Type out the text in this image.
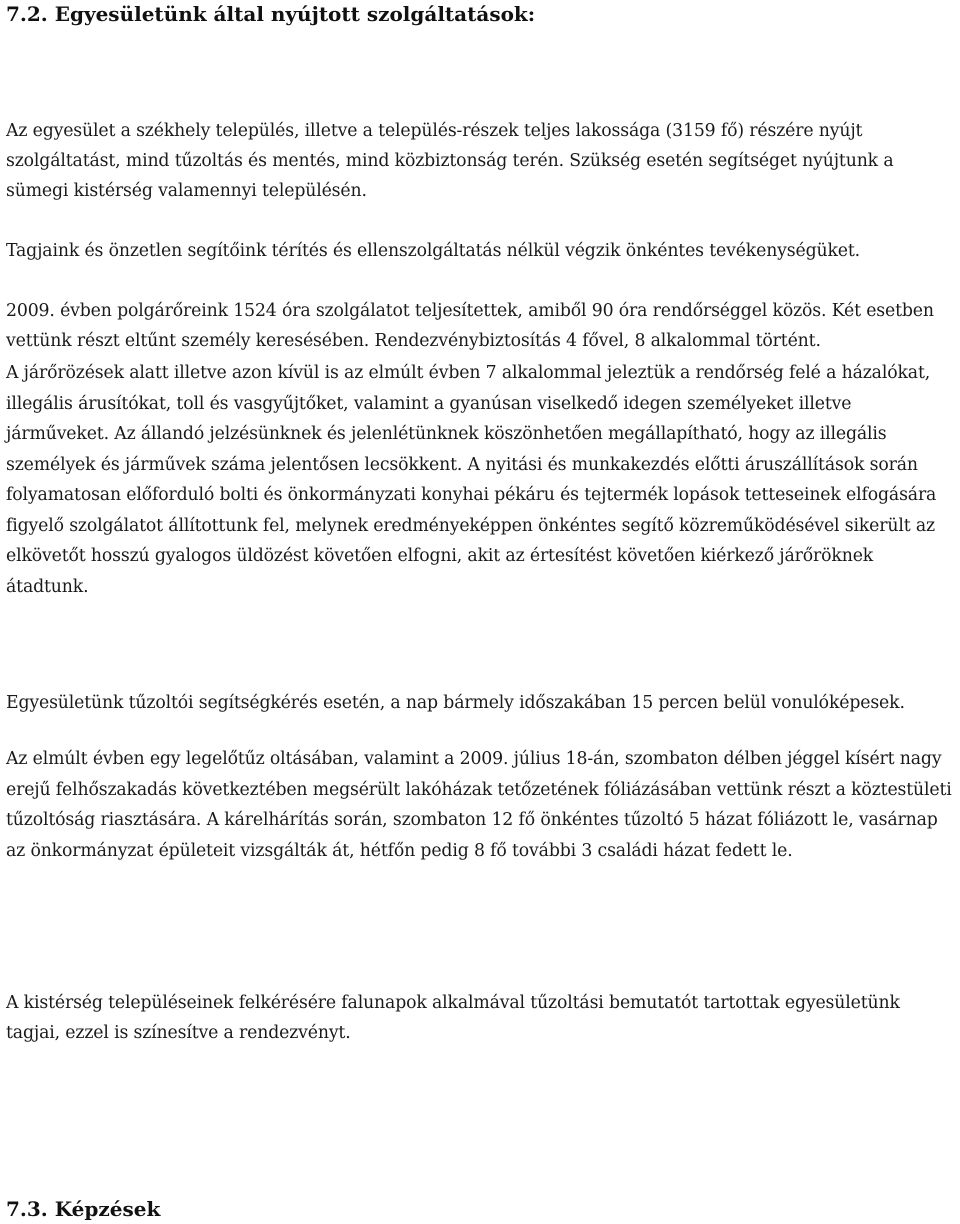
7.2. Egyesületünk által nyújtott szolgáltatások:

Az egyesület a székhely település, illetve a település-részek teljes lakossága (3159 fő) részére nyújt szolgáltatást, mind tűzoltás és mentés, mind közbiztonság terén. Szükség esetén segítséget nyújtunk a sümegi kistérség valamennyi településén.

Tagjaink és önzetlen segítőink térítés és ellenszolgáltatás nélkül végzik önkéntes tevékenységüket.

2009. évben polgárőreink 1524 óra szolgálatot teljesítettek, amiből 90 óra rendőrséggel közös. Két esetben vettünk részt eltűnt személy keresésében. Rendezvénybiztosítás 4 fővel, 8 alkalommal történt.

A járőrözések alatt illetve azon kívül is az elmúlt évben 7 alkalommal jeleztük a rendőrség felé a házalókat, illegális árusítókat, toll és vasgyűjtőket, valamint a gyanúsan viselkedő idegen személyeket illetve járműveket. Az állandó jelzésünknek és jelenlétünknek köszönhetően megállapítható, hogy az illegális személyek és járművek száma jelentősen lecsökkent. A nyitási és munkakezdés előtti áruszállítások során folyamatosan előforduló bolti és önkormányzati konyhai pékáru és tejtermék lopások tetteseinek elfogására figyelő szolgálatot állítottunk fel, melynek eredményeképpen önkéntes segítő közreműködésével sikerült az elkövetőt hosszú gyalogos üldözést követően elfogni, akit az értesítést követően kiérkező járőröknek átadtunk.

Egyesületünk tűzoltói segítségkérés esetén, a nap bármely időszakában 15 percen belül vonulóképesek.

Az elmúlt évben egy legelőtűz oltásában, valamint a 2009. július 18-án, szombaton délben jéggel kísért nagy erejű felhőszakadás következtében megsérült lakóházak tetőzetének fóliázásában vettünk részt a köztestületi tűzoltóság riasztására. A kárelhárítás során, szombaton 12 fő önkéntes tűzoltó 5 házat fóliázott le, vasárnap az önkormányzat épületeit vizsgálták át, hétfőn pedig 8 fő további 3 családi házat fedett le.

A kistérség településeinek felkérésére falunapok alkalmával tűzoltási bemutatót tartottak egyesületünk tagjai, ezzel is színesítve a rendezvényt.

7.3. Képzések
